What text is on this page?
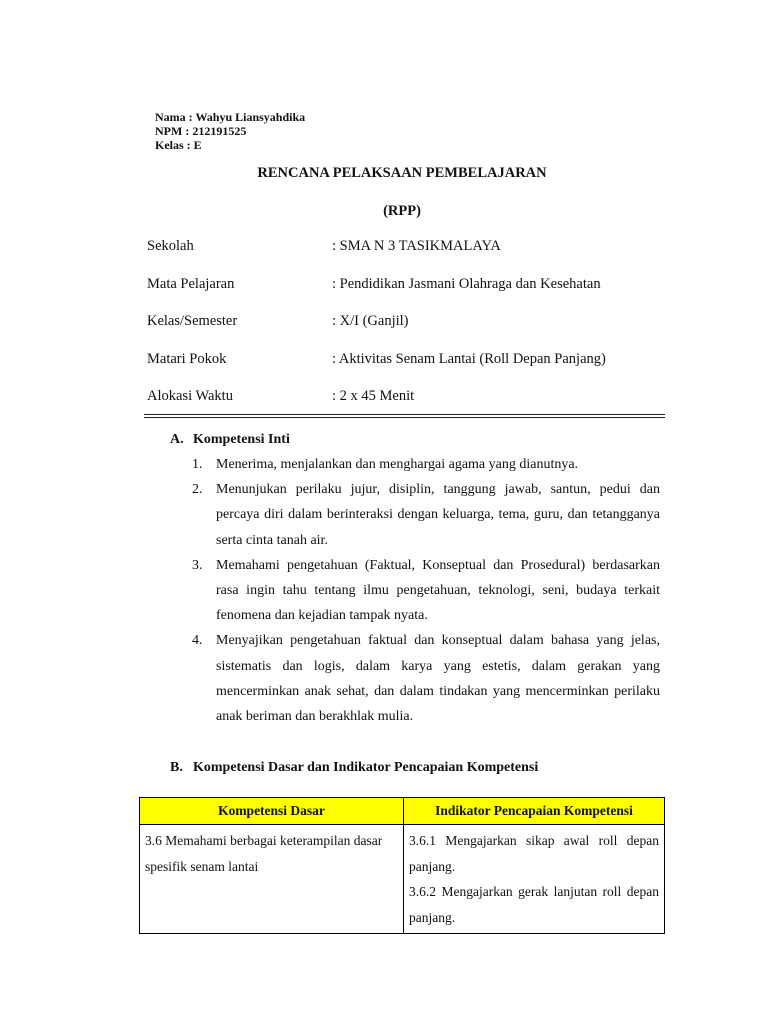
Nama : Wahyu Liansyahdika
NPM : 212191525
Kelas : E
RENCANA PELAKSAAN PEMBELAJARAN
(RPP)
Sekolah	: SMA N 3 TASIKMALAYA
Mata Pelajaran	: Pendidikan Jasmani Olahraga dan Kesehatan
Kelas/Semester	: X/I (Ganjil)
Matari Pokok	: Aktivitas Senam Lantai (Roll Depan Panjang)
Alokasi Waktu	: 2 x 45 Menit
A. Kompetensi Inti
1. Menerima, menjalankan dan menghargai agama yang dianutnya.
2. Menunjukan perilaku jujur, disiplin, tanggung jawab, santun, pedui dan percaya diri dalam berinteraksi dengan keluarga, tema, guru, dan tetangganya serta cinta tanah air.
3. Memahami pengetahuan (Faktual, Konseptual dan Prosedural) berdasarkan rasa ingin tahu tentang ilmu pengetahuan, teknologi, seni, budaya terkait fenomena dan kejadian tampak nyata.
4. Menyajikan pengetahuan faktual dan konseptual dalam bahasa yang jelas, sistematis dan logis, dalam karya yang estetis, dalam gerakan yang mencerminkan anak sehat, dan dalam tindakan yang mencerminkan perilaku anak beriman dan berakhlak mulia.
B. Kompetensi Dasar dan Indikator Pencapaian Kompetensi
Kompetensi Dasar	Indikator Pencapaian Kompetensi
3.6 Memahami berbagai keterampilan dasar spesifik senam lantai	3.6.1 Mengajarkan sikap awal roll depan panjang.
3.6.2 Mengajarkan gerak lanjutan roll depan panjang.
